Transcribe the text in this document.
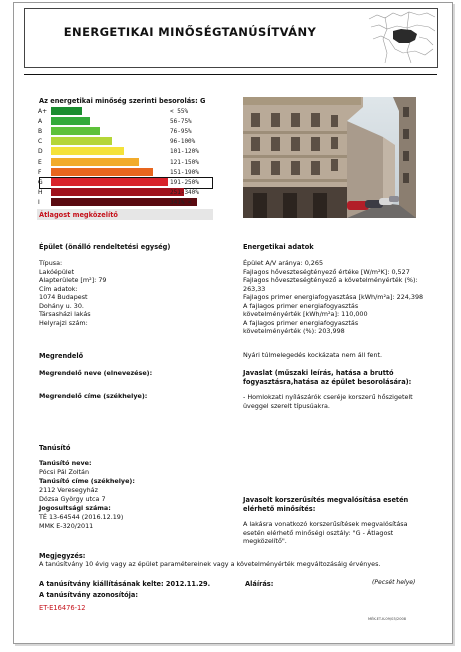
ENERGETIKAI MINŐSÉGTANÚSÍTVÁNY
Az energetikai minőség szerinti besorolás: G
A+	< 55%
A	56-75%
B	76-95%
C	96-100%
D	101-120%
E	121-150%
F	151-190%
G	191-250%
H	251-340%
I	341% <
Átlagost megközelítő
Épület (önálló rendeltetési egység)
Típusa:
Lakóépület
Alapterülete [m²]: 79
Cím adatok:
1074 Budapest
Dohány u. 30.
Társasházi lakás
Helyrajzi szám:
Energetikai adatok
Épület A/V aránya: 0,265
Fajlagos hőveszteségtényező értéke [W/m²K]: 0,527
Fajlagos hőveszteségtényező a követelményérték (%): 263,33
Fajlagos primer energiafogyasztása [kWh/m²a]: 224,398
A fajlagos primer energiafogyasztás
követelményérték [kWh/m²a]: 110,000
A fajlagos primer energiafogyasztás
követelményérték (%): 203,998
Nyári túlmelegedés kockázata nem áll fent.
Megrendelő
Megrendelő neve (elnevezése):
Megrendelő címe (székhelye):
Javaslat (műszaki leírás, hatása a bruttó
fogyasztásra,hatása az épület besorolására):
- Homlokzati nyílászárók cseréje korszerű hőszigetelt
üveggel szerelt típusúakra.
Tanúsító
Tanúsító neve:
Pócsi Pál Zoltán
Tanúsító címe (székhelye):
2112 Veresegyház
Dózsa György utca 7
Jogosultsági száma:
TÉ 13-64544 (2016.12.19)
MMK E-320/2011
Javasolt korszerűsítés megvalósítása esetén
elérhető minősítés:
A lakásra vonatkozó korszerűsítések megvalósítása
esetén elérhető minőségi osztály: "G - Átlagost
megközelítő".
Megjegyzés:
A tanúsítvány 10 évig vagy az épület paramétereinek vagy a követelményérték megváltozásáig érvényes.
A tanúsítvány kiállításának kelte: 2012.11.29.	Aláírás:	(Pecsét helye)
A tanúsítvány azonosítója:
ET-E16476-12
MÉK-ET-K-09/03/2008
